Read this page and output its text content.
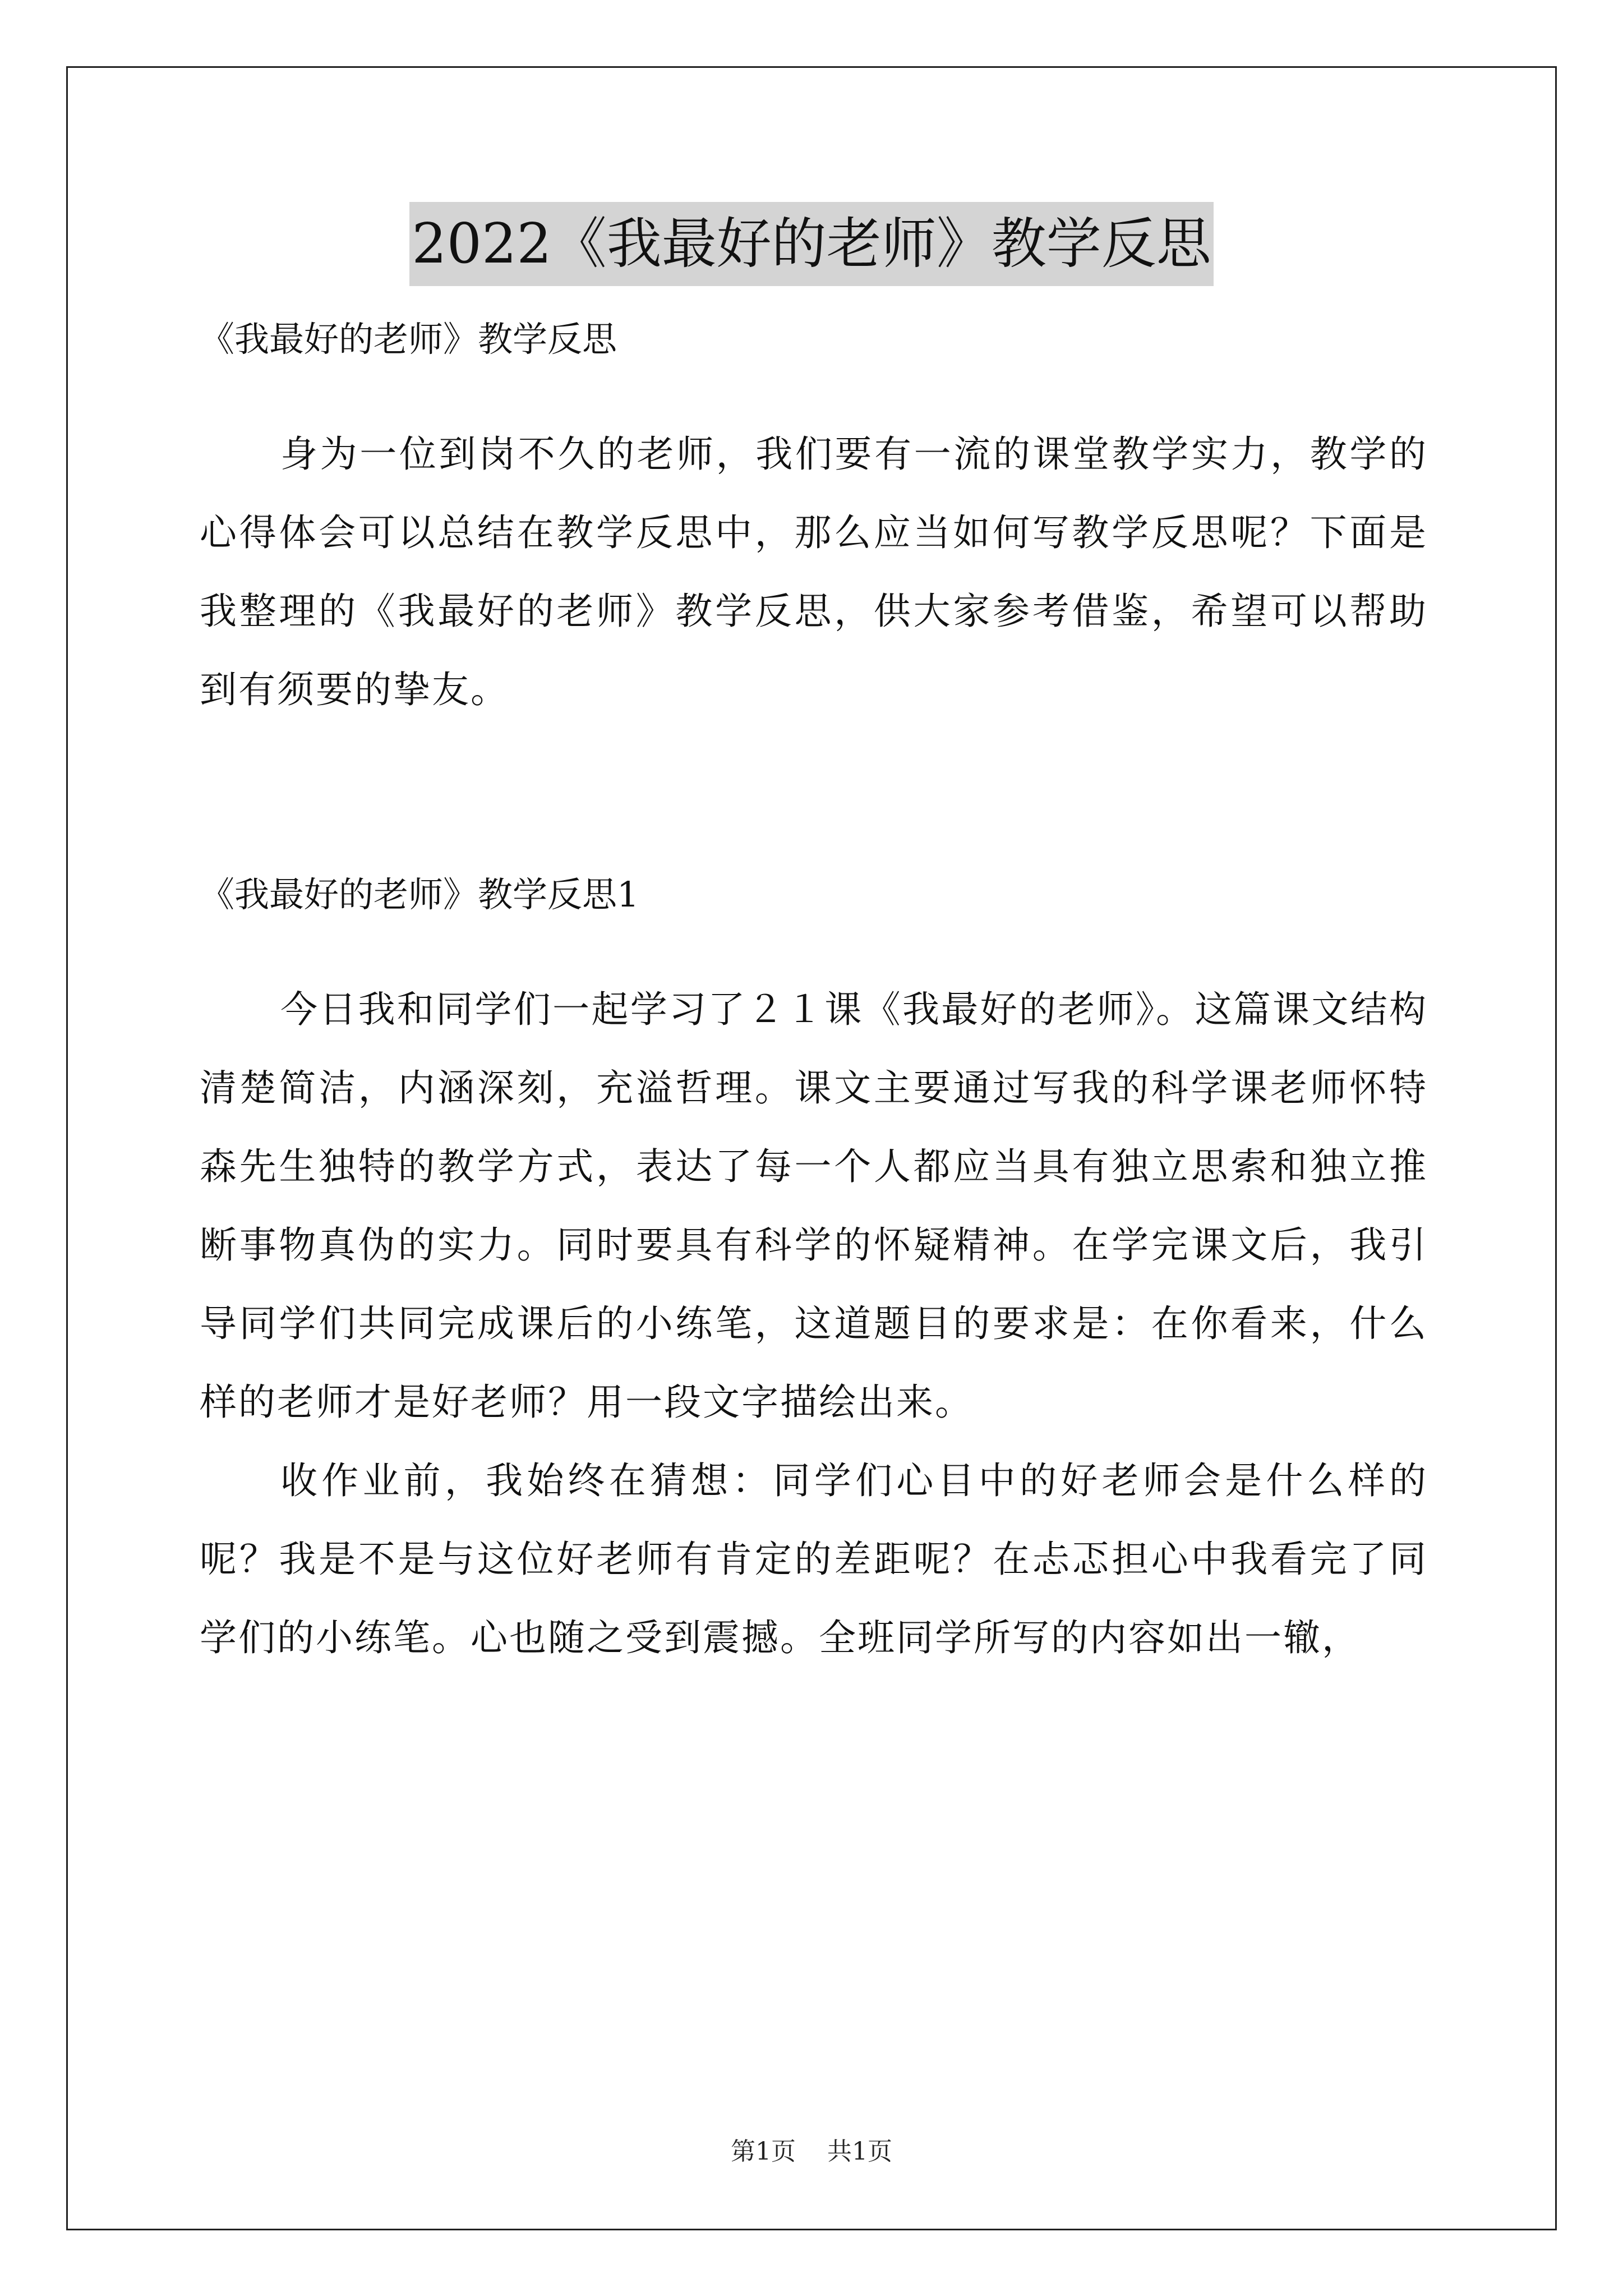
2022《我最好的老师》教学反思

《我最好的老师》教学反思

身为一位到岗不久的老师，我们要有一流的课堂教学实力，教学的心得体会可以总结在教学反思中，那么应当如何写教学反思呢？下面是我整理的《我最好的老师》教学反思，供大家参考借鉴，希望可以帮助到有须要的挚友。

《我最好的老师》教学反思1

今日我和同学们一起学习了２１课《我最好的老师》。这篇课文结构清楚简洁，内涵深刻，充溢哲理。课文主要通过写我的科学课老师怀特森先生独特的教学方式，表达了每一个人都应当具有独立思索和独立推断事物真伪的实力。同时要具有科学的怀疑精神。在学完课文后，我引导同学们共同完成课后的小练笔，这道题目的要求是：在你看来，什么样的老师才是好老师？用一段文字描绘出来。

收作业前，我始终在猜想：同学们心目中的好老师会是什么样的呢？我是不是与这位好老师有肯定的差距呢？在忐忑担心中我看完了同学们的小练笔。心也随之受到震撼。全班同学所写的内容如出一辙，

第1页 共1页
